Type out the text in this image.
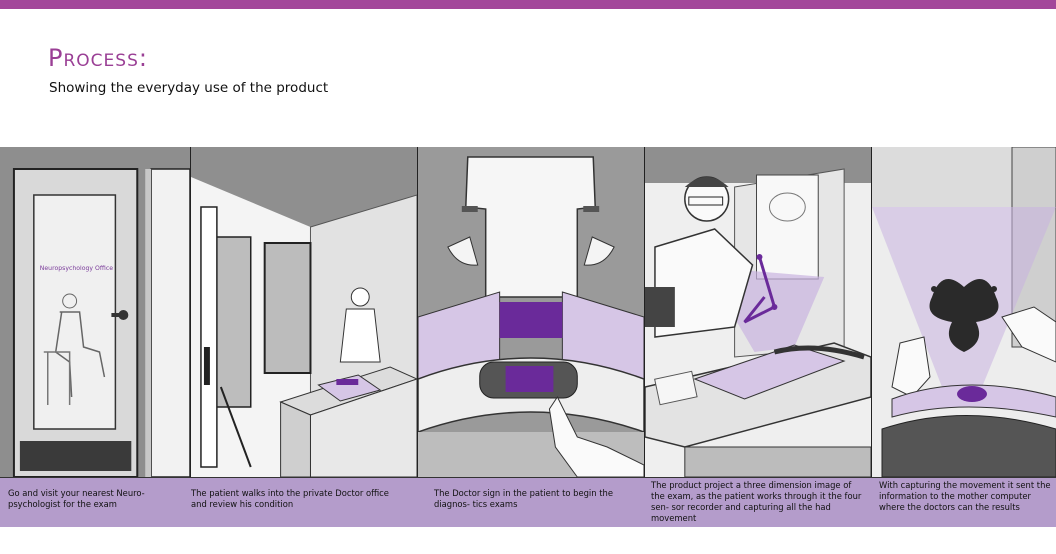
Process:
Showing the everyday use of the product
Neuropsychology Office
Go and visit your nearest Neuro- psychologist for the exam
The patient walks into the private Doctor office and review his condition
The Doctor sign in the patient to begin the diagnos- tics exams
The product project a three dimension image of the exam, as the patient works through it the four sen- sor recorder and capturing all the had movement
With capturing the movement it sent the information to the mother computer where the doctors can the results
